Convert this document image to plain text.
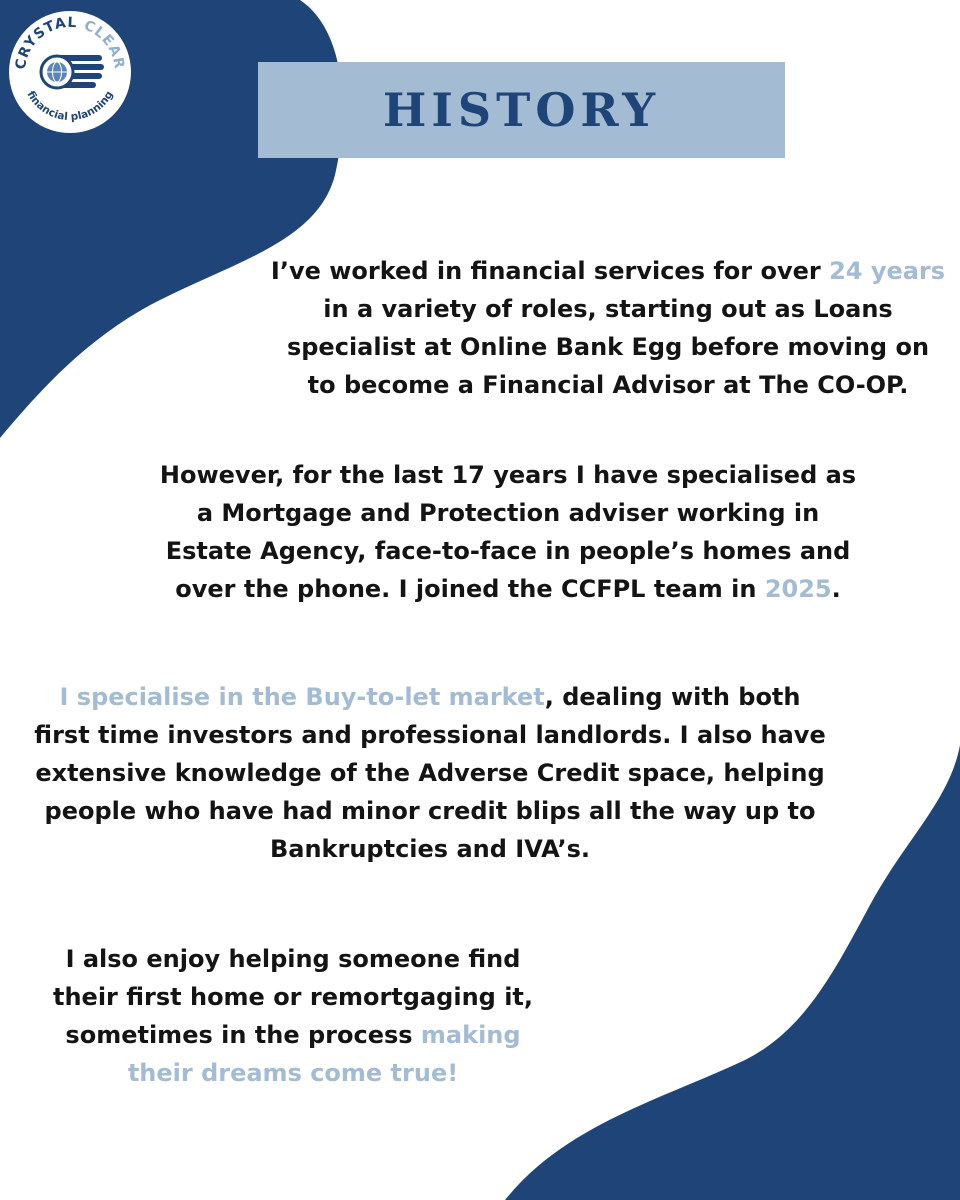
CRYSTAL CLEAR
financial planning	HISTORY

I’ve worked in financial services for over 24 years in a variety of roles, starting out as Loans specialist at Online Bank Egg before moving on to become a Financial Advisor at The CO-OP.

However, for the last 17 years I have specialised as a Mortgage and Protection adviser working in Estate Agency, face-to-face in people’s homes and over the phone. I joined the CCFPL team in 2025.

I specialise in the Buy-to-let market, dealing with both first time investors and professional landlords. I also have extensive knowledge of the Adverse Credit space, helping people who have had minor credit blips all the way up to Bankruptcies and IVA’s.

I also enjoy helping someone find their first home or remortgaging it, sometimes in the process making their dreams come true!
